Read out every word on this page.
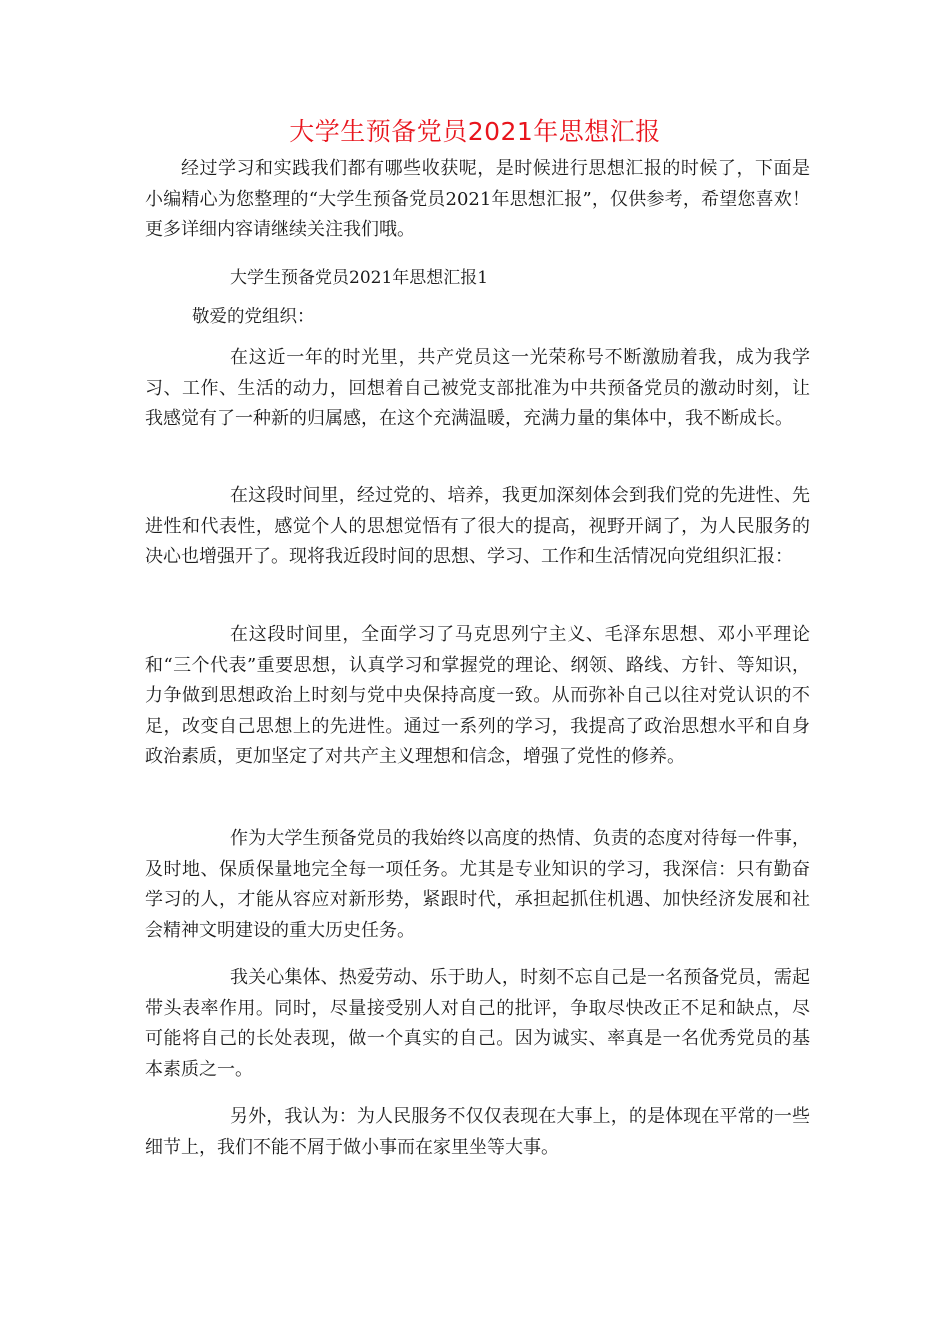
大学生预备党员2021年思想汇报
经过学习和实践我们都有哪些收获呢，是时候进行思想汇报的时候了，下面是小编精心为您整理的“大学生预备党员2021年思想汇报”，仅供参考，希望您喜欢！更多详细内容请继续关注我们哦。
大学生预备党员2021年思想汇报1
敬爱的党组织：

在这近一年的时光里，共产党员这一光荣称号不断激励着我，成为我学习、工作、生活的动力，回想着自己被党支部批准为中共预备党员的激动时刻，让我感觉有了一种新的归属感，在这个充满温暖，充满力量的集体中，我不断成长。

在这段时间里，经过党的、培养，我更加深刻体会到我们党的先进性、先进性和代表性，感觉个人的思想觉悟有了很大的提高，视野开阔了，为人民服务的决心也增强开了。现将我近段时间的思想、学习、工作和生活情况向党组织汇报：

在这段时间里，全面学习了马克思列宁主义、毛泽东思想、邓小平理论和“三个代表”重要思想，认真学习和掌握党的理论、纲领、路线、方针、等知识，力争做到思想政治上时刻与党中央保持高度一致。从而弥补自己以往对党认识的不足，改变自己思想上的先进性。通过一系列的学习，我提高了政治思想水平和自身政治素质，更加坚定了对共产主义理想和信念，增强了党性的修养。

作为大学生预备党员的我始终以高度的热情、负责的态度对待每一件事，及时地、保质保量地完全每一项任务。尤其是专业知识的学习，我深信：只有勤奋学习的人，才能从容应对新形势，紧跟时代，承担起抓住机遇、加快经济发展和社会精神文明建设的重大历史任务。

我关心集体、热爱劳动、乐于助人，时刻不忘自己是一名预备党员，需起带头表率作用。同时，尽量接受别人对自己的批评，争取尽快改正不足和缺点，尽可能将自己的长处表现，做一个真实的自己。因为诚实、率真是一名优秀党员的基本素质之一。

另外，我认为：为人民服务不仅仅表现在大事上，的是体现在平常的一些细节上，我们不能不屑于做小事而在家里坐等大事。
